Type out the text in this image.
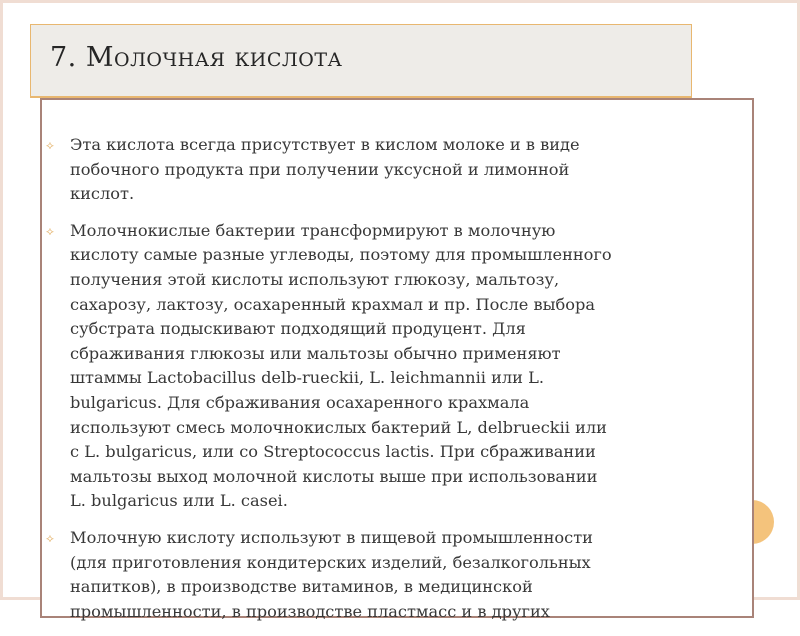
7. Молочная кислота
⟡ Эта кислота всегда присутствует в кислом молоке и в виде
побочного продукта при получении уксусной и лимонной
кислот.
⟡ Молочнокислые бактерии трансформируют в молочную
кислоту самые разные углеводы, поэтому для промышленного
получения этой кислоты используют глюкозу, мальтозу,
сахарозу, лактозу, осахаренный крахмал и пр. После выбора
субстрата подыскивают подходящий продуцент. Для
сбраживания глюкозы или мальтозы обычно применяют
штаммы Lactobacillus delb-rueckii, L. leichmannii или L.
bulgaricus. Для сбраживания осахаренного крахмала
используют смесь молочнокислых бактерий L, delbrueckii или
с L. bulgaricus, или со Streptococcus lactis. При сбраживании
мальтозы выход молочной кислоты выше при использовании
L. bulgaricus или L. casei.
⟡ Молочную кислоту используют в пищевой промышленности
(для приготовления кондитерских изделий, безалкогольных
напитков), в производстве витаминов, в медицинской
промышленности, в производстве пластмасс и в других
